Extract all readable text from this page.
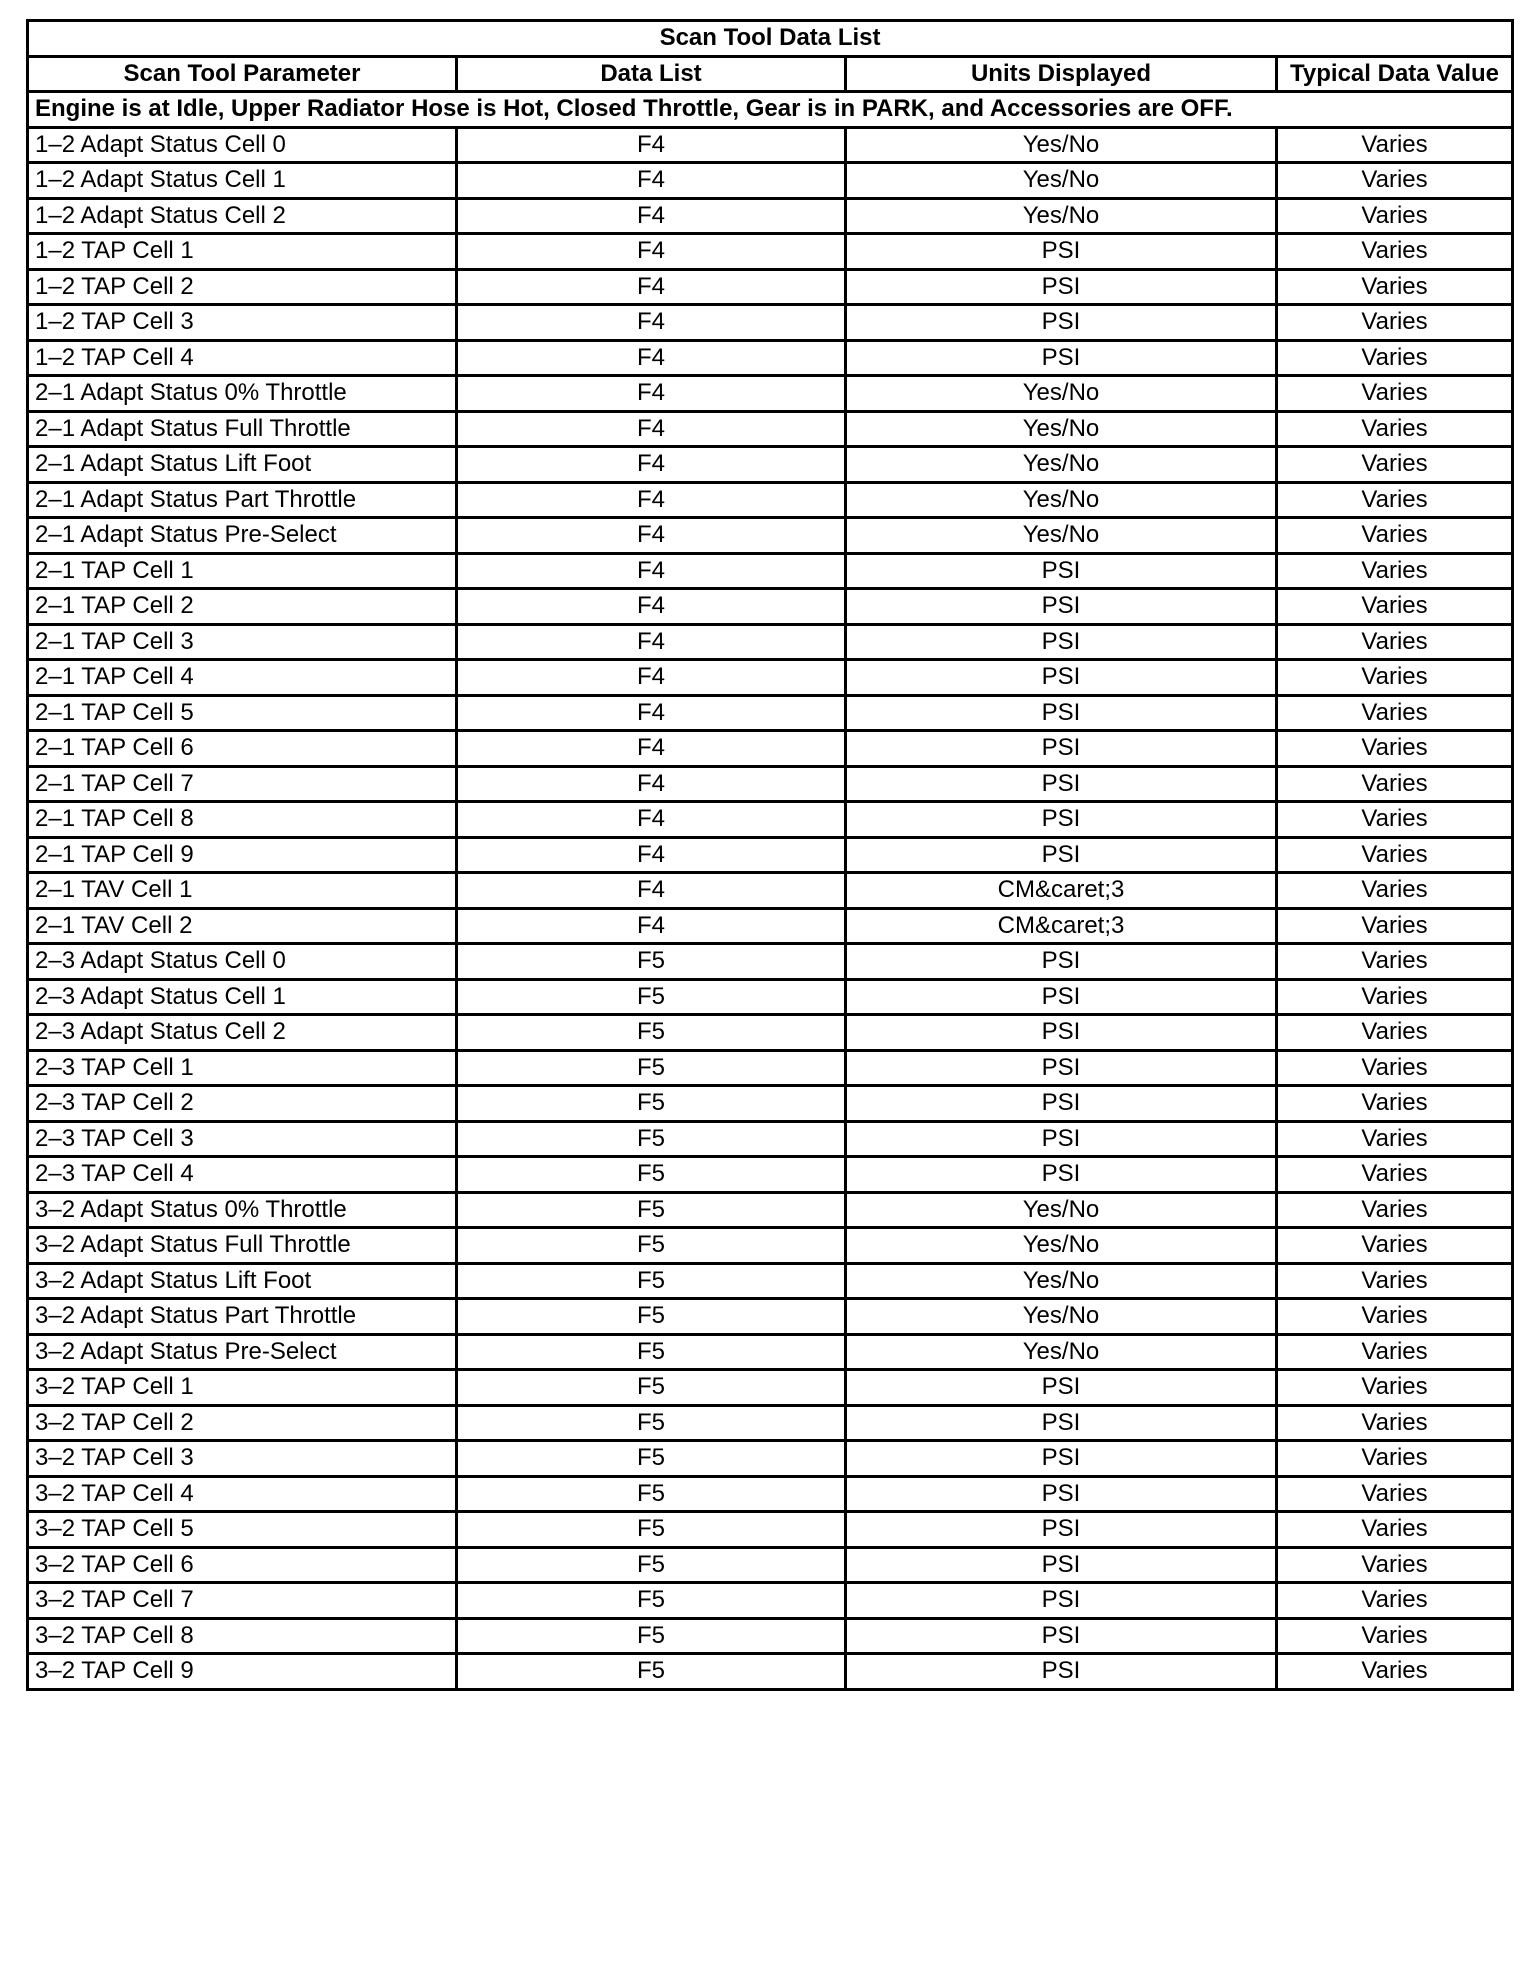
Scan Tool Data List			
Scan Tool Parameter	Data List	Units Displayed	Typical Data Value
Engine is at Idle, Upper Radiator Hose is Hot, Closed Throttle, Gear is in PARK, and Accessories are OFF.			
1–2 Adapt Status Cell 0	F4	Yes/No	Varies
1–2 Adapt Status Cell 1	F4	Yes/No	Varies
1–2 Adapt Status Cell 2	F4	Yes/No	Varies
1–2 TAP Cell 1	F4	PSI	Varies
1–2 TAP Cell 2	F4	PSI	Varies
1–2 TAP Cell 3	F4	PSI	Varies
1–2 TAP Cell 4	F4	PSI	Varies
2–1 Adapt Status 0% Throttle	F4	Yes/No	Varies
2–1 Adapt Status Full Throttle	F4	Yes/No	Varies
2–1 Adapt Status Lift Foot	F4	Yes/No	Varies
2–1 Adapt Status Part Throttle	F4	Yes/No	Varies
2–1 Adapt Status Pre-Select	F4	Yes/No	Varies
2–1 TAP Cell 1	F4	PSI	Varies
2–1 TAP Cell 2	F4	PSI	Varies
2–1 TAP Cell 3	F4	PSI	Varies
2–1 TAP Cell 4	F4	PSI	Varies
2–1 TAP Cell 5	F4	PSI	Varies
2–1 TAP Cell 6	F4	PSI	Varies
2–1 TAP Cell 7	F4	PSI	Varies
2–1 TAP Cell 8	F4	PSI	Varies
2–1 TAP Cell 9	F4	PSI	Varies
2–1 TAV Cell 1	F4	CM&caret;3	Varies
2–1 TAV Cell 2	F4	CM&caret;3	Varies
2–3 Adapt Status Cell 0	F5	PSI	Varies
2–3 Adapt Status Cell 1	F5	PSI	Varies
2–3 Adapt Status Cell 2	F5	PSI	Varies
2–3 TAP Cell 1	F5	PSI	Varies
2–3 TAP Cell 2	F5	PSI	Varies
2–3 TAP Cell 3	F5	PSI	Varies
2–3 TAP Cell 4	F5	PSI	Varies
3–2 Adapt Status 0% Throttle	F5	Yes/No	Varies
3–2 Adapt Status Full Throttle	F5	Yes/No	Varies
3–2 Adapt Status Lift Foot	F5	Yes/No	Varies
3–2 Adapt Status Part Throttle	F5	Yes/No	Varies
3–2 Adapt Status Pre-Select	F5	Yes/No	Varies
3–2 TAP Cell 1	F5	PSI	Varies
3–2 TAP Cell 2	F5	PSI	Varies
3–2 TAP Cell 3	F5	PSI	Varies
3–2 TAP Cell 4	F5	PSI	Varies
3–2 TAP Cell 5	F5	PSI	Varies
3–2 TAP Cell 6	F5	PSI	Varies
3–2 TAP Cell 7	F5	PSI	Varies
3–2 TAP Cell 8	F5	PSI	Varies
3–2 TAP Cell 9	F5	PSI	Varies
